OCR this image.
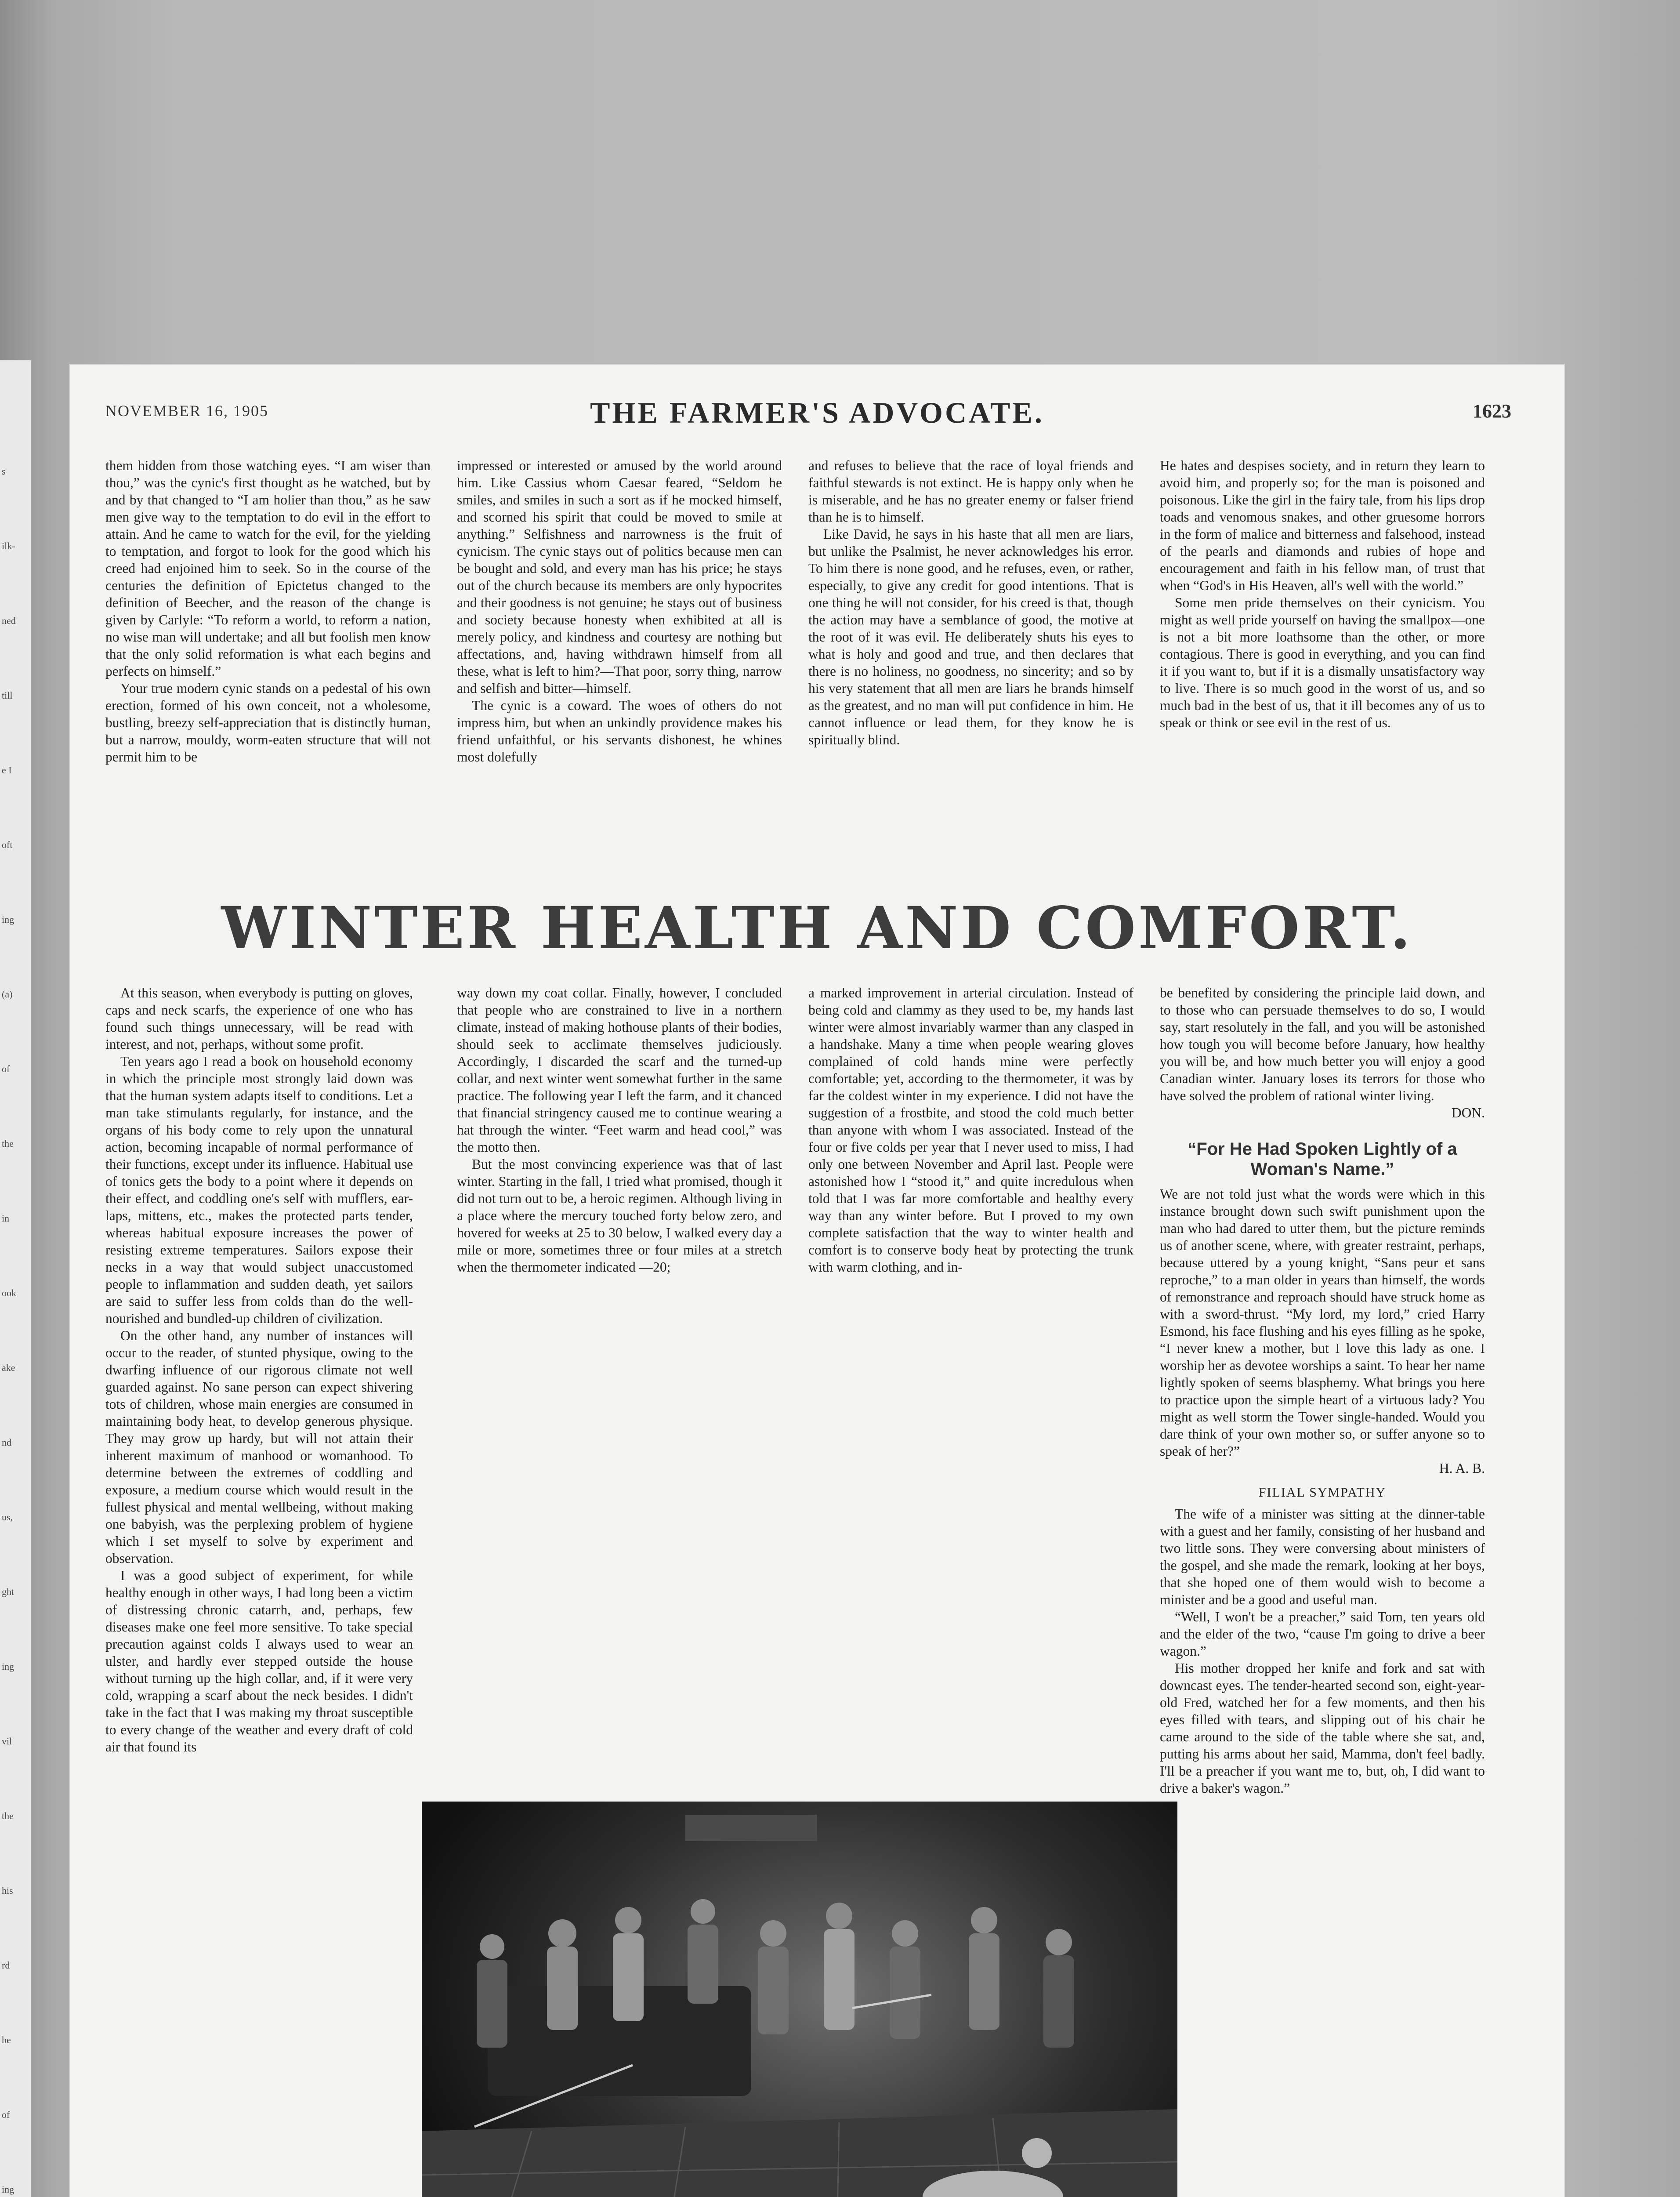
s
ilk-
ned
till
e I
oft
ing
(a)
of
the
in
ook
ake
nd
us,
ght
ing
vil
the
his
rd
he
of
ing
NOVEMBER 16, 1905	THE FARMER'S ADVOCATE.	1623

them hidden from those watching eyes. “I am wiser than thou,” was the cynic's first thought as he watched, but by and by that changed to “I am holier than thou,” as he saw men give way to the temptation to do evil in the effort to attain. And he came to watch for the evil, for the yielding to temptation, and forgot to look for the good which his creed had enjoined him to seek. So in the course of the centuries the definition of Epictetus changed to the definition of Beecher, and the reason of the change is given by Carlyle: “To reform a world, to reform a nation, no wise man will undertake; and all but foolish men know that the only solid reformation is what each begins and perfects on himself.”

Your true modern cynic stands on a pedestal of his own erection, formed of his own conceit, not a wholesome, bustling, breezy self-appreciation that is distinctly human, but a narrow, mouldy, worm-eaten structure that will not permit him to be

impressed or interested or amused by the world around him. Like Cassius whom Caesar feared, “Seldom he smiles, and smiles in such a sort as if he mocked himself, and scorned his spirit that could be moved to smile at anything.” Selfishness and narrowness is the fruit of cynicism. The cynic stays out of politics because men can be bought and sold, and every man has his price; he stays out of the church because its members are only hypocrites and their goodness is not genuine; he stays out of business and society because honesty when exhibited at all is merely policy, and kindness and courtesy are nothing but affectations, and, having withdrawn himself from all these, what is left to him?—That poor, sorry thing, narrow and selfish and bitter—himself.

The cynic is a coward. The woes of others do not impress him, but when an unkindly providence makes his friend unfaithful, or his servants dishonest, he whines most dolefully

and refuses to believe that the race of loyal friends and faithful stewards is not extinct. He is happy only when he is miserable, and he has no greater enemy or falser friend than he is to himself.

Like David, he says in his haste that all men are liars, but unlike the Psalmist, he never acknowledges his error. To him there is none good, and he refuses, even, or rather, especially, to give any credit for good intentions. That is one thing he will not consider, for his creed is that, though the action may have a semblance of good, the motive at the root of it was evil. He deliberately shuts his eyes to what is holy and good and true, and then declares that there is no holiness, no goodness, no sincerity; and so by his very statement that all men are liars he brands himself as the greatest, and no man will put confidence in him. He cannot influence or lead them, for they know he is spiritually blind.

He hates and despises society, and in return they learn to avoid him, and properly so; for the man is poisoned and poisonous. Like the girl in the fairy tale, from his lips drop toads and venomous snakes, and other gruesome horrors in the form of malice and bitterness and falsehood, instead of the pearls and diamonds and rubies of hope and encouragement and faith in his fellow man, of trust that when “God's in His Heaven, all's well with the world.”

Some men pride themselves on their cynicism. You might as well pride yourself on having the smallpox—one is not a bit more loathsome than the other, or more contagious. There is good in everything, and you can find it if you want to, but if it is a dismally unsatisfactory way to live. There is so much good in the worst of us, and so much bad in the best of us, that it ill becomes any of us to speak or think or see evil in the rest of us.

WINTER HEALTH AND COMFORT.

At this season, when everybody is putting on gloves, caps and neck scarfs, the experience of one who has found such things unnecessary, will be read with interest, and not, perhaps, without some profit.

Ten years ago I read a book on household economy in which the principle most strongly laid down was that the human system adapts itself to conditions. Let a man take stimulants regularly, for instance, and the organs of his body come to rely upon the unnatural action, becoming incapable of normal performance of their functions, except under its influence. Habitual use of tonics gets the body to a point where it depends on their effect, and coddling one's self with mufflers, ear-laps, mittens, etc., makes the protected parts tender, whereas habitual exposure increases the power of resisting extreme temperatures. Sailors expose their necks in a way that would subject unaccustomed people to inflammation and sudden death, yet sailors are said to suffer less from colds than do the well-nourished and bundled-up children of civilization.

On the other hand, any number of instances will occur to the reader, of stunted physique, owing to the dwarfing influence of our rigorous climate not well guarded against. No sane person can expect shivering tots of children, whose main energies are consumed in maintaining body heat, to develop generous physique. They may grow up hardy, but will not attain their inherent maximum of manhood or womanhood. To determine between the extremes of coddling and exposure, a medium course which would result in the fullest physical and mental wellbeing, without making one babyish, was the perplexing problem of hygiene which I set myself to solve by experiment and observation.

I was a good subject of experiment, for while healthy enough in other ways, I had long been a victim of distressing chronic catarrh, and, perhaps, few diseases make one feel more sensitive. To take special precaution against colds I always used to wear an ulster, and hardly ever stepped outside the house without turning up the high collar, and, if it were very cold, wrapping a scarf about the neck besides. I didn't take in the fact that I was making my throat susceptible to every change of the weather and every draft of cold air that found its

way down my coat collar. Finally, however, I concluded that people who are constrained to live in a northern climate, instead of making hothouse plants of their bodies, should seek to acclimate themselves judiciously. Accordingly, I discarded the scarf and the turned-up collar, and next winter went somewhat further in the same practice. The following year I left the farm, and it chanced that financial stringency caused me to continue wearing a hat through the winter. “Feet warm and head cool,” was the motto then.

But the most convincing experience was that of last winter. Starting in the fall, I tried what promised, though it did not turn out to be, a heroic regimen. Although living in a place where the mercury touched forty below zero, and hovered for weeks at 25 to 30 below, I walked every day a mile or more, sometimes three or four miles at a stretch when the thermometer indicated —20;

a marked improvement in arterial circulation. Instead of being cold and clammy as they used to be, my hands last winter were almost invariably warmer than any clasped in a handshake. Many a time when people wearing gloves complained of cold hands mine were perfectly comfortable; yet, according to the thermometer, it was by far the coldest winter in my experience. I did not have the suggestion of a frostbite, and stood the cold much better than anyone with whom I was associated. Instead of the four or five colds per year that I never used to miss, I had only one between November and April last. People were astonished how I “stood it,” and quite incredulous when told that I was far more comfortable and healthy every way than any winter before. But I proved to my own complete satisfaction that the way to winter health and comfort is to conserve body heat by protecting the trunk with warm clothing, and in-

be benefited by considering the principle laid down, and to those who can persuade themselves to do so, I would say, start resolutely in the fall, and you will be astonished how tough you will become before January, how healthy you will be, and how much better you will enjoy a good Canadian winter. January loses its terrors for those who have solved the problem of rational winter living.

DON.

“For He Had Spoken Lightly of a Woman's Name.”

We are not told just what the words were which in this instance brought down such swift punishment upon the man who had dared to utter them, but the picture reminds us of another scene, where, with greater restraint, perhaps, because uttered by a young knight, “Sans peur et sans reproche,” to a man older in years than himself, the words of remonstrance and reproach should have struck home as with a sword-thrust. “My lord, my lord,” cried Harry Esmond, his face flushing and his eyes filling as he spoke, “I never knew a mother, but I love this lady as one. I worship her as devotee worships a saint. To hear her name lightly spoken of seems blasphemy. What brings you here to practice upon the simple heart of a virtuous lady? You might as well storm the Tower single-handed. Would you dare think of your own mother so, or suffer anyone so to speak of her?”

H. A. B.

FILIAL SYMPATHY

The wife of a minister was sitting at the dinner-table with a guest and her family, consisting of her husband and two little sons. They were conversing about ministers of the gospel, and she made the remark, looking at her boys, that she hoped one of them would wish to become a minister and be a good and useful man.

“Well, I won't be a preacher,” said Tom, ten years old and the elder of the two, “cause I'm going to drive a beer wagon.”

His mother dropped her knife and fork and sat with downcast eyes. The tender-hearted second son, eight-year-old Fred, watched her for a few moments, and then his eyes filled with tears, and slipping out of his chair he came around to the side of the table where she sat, and, putting his arms about her said, Mamma, don't feel badly. I'll be a preacher if you want me to, but, oh, I did want to drive a baker's wagon.”
